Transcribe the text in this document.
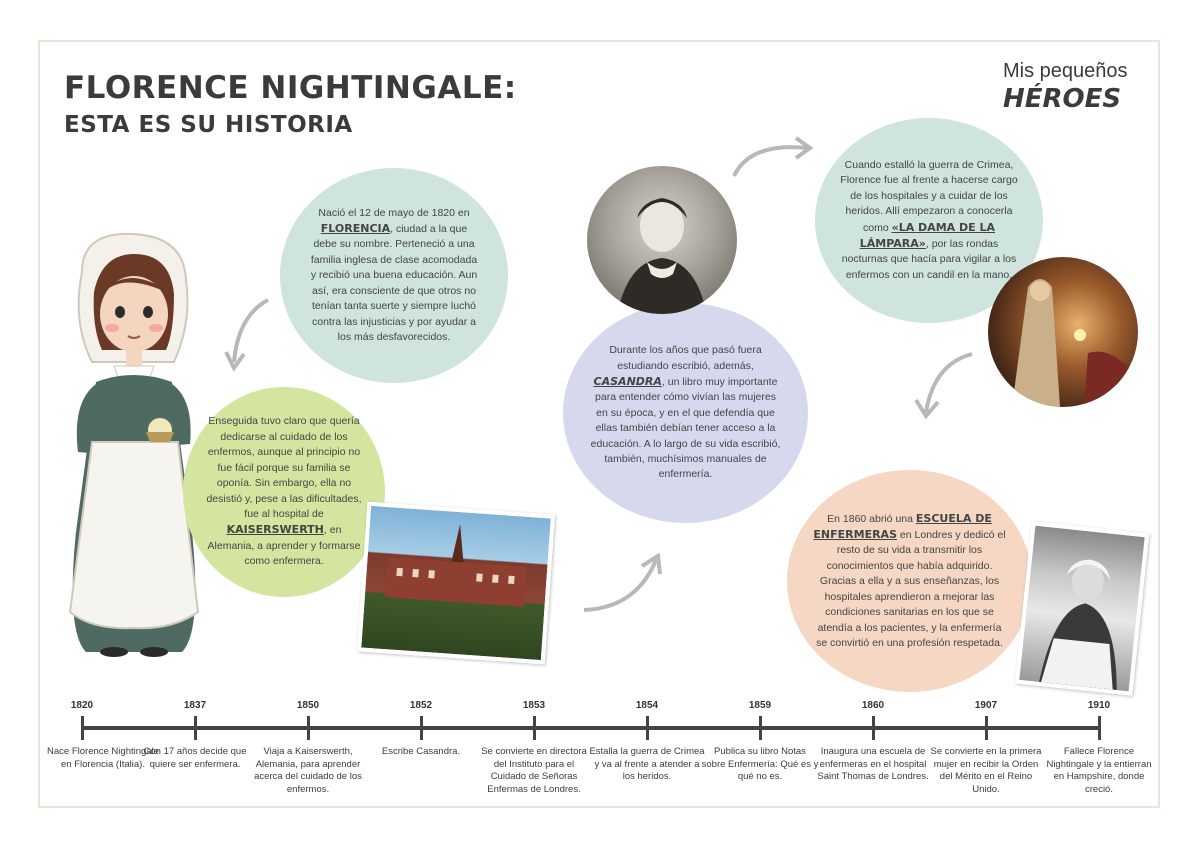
FLORENCE NIGHTINGALE:
ESTA ES SU HISTORIA
Mis pequeños
HÉROES
Nació el 12 de mayo de 1820 en FLORENCIA, ciudad a la que debe su nombre. Perteneció a una familia inglesa de clase acomodada y recibió una buena educación. Aun así, era consciente de que otros no tenían tanta suerte y siempre luchó contra las injusticias y por ayudar a los más desfavorecidos.
Enseguida tuvo claro que quería dedicarse al cuidado de los enfermos, aunque al principio no fue fácil porque su familia se oponía. Sin embargo, ella no desistió y, pese a las dificultades, fue al hospital de KAISERSWERTH, en Alemania, a aprender y formarse como enfermera.
Durante los años que pasó fuera estudiando escribió, además, CASANDRA, un libro muy importante para entender cómo vivían las mujeres en su época, y en el que defendía que ellas también debían tener acceso a la educación. A lo largo de su vida escribió, también, muchísimos manuales de enfermería.
Cuando estalló la guerra de Crimea, Florence fue al frente a hacerse cargo de los hospitales y a cuidar de los heridos. Allí empezaron a conocerla como «LA DAMA DE LA LÁMPARA», por las rondas nocturnas que hacía para vigilar a los enfermos con un candil en la mano.
En 1860 abrió una ESCUELA DE ENFERMERAS en Londres y dedicó el resto de su vida a transmitir los conocimientos que había adquirido. Gracias a ella y a sus enseñanzas, los hospitales aprendieron a mejorar las condiciones sanitarias en los que se atendía a los pacientes, y la enfermería se convirtió en una profesión respetada.
1820
Nace Florence Nightingale en Florencia (Italia).
1837
Con 17 años decide que quiere ser enfermera.
1850
Viaja a Kaiserswerth, Alemania, para aprender acerca del cuidado de los enfermos.
1852
Escribe Casandra.
1853
Se convierte en directora del Instituto para el Cuidado de Señoras Enfermas de Londres.
1854
Estalla la guerra de Crimea y va al frente a atender a los heridos.
1859
Publica su libro Notas sobre Enfermería: Qué es y qué no es.
1860
Inaugura una escuela de enfermeras en el hospital Saint Thomas de Londres.
1907
Se convierte en la primera mujer en recibir la Orden del Mérito en el Reino Unido.
1910
Fallece Florence Nightingale y la entierran en Hampshire, donde creció.
